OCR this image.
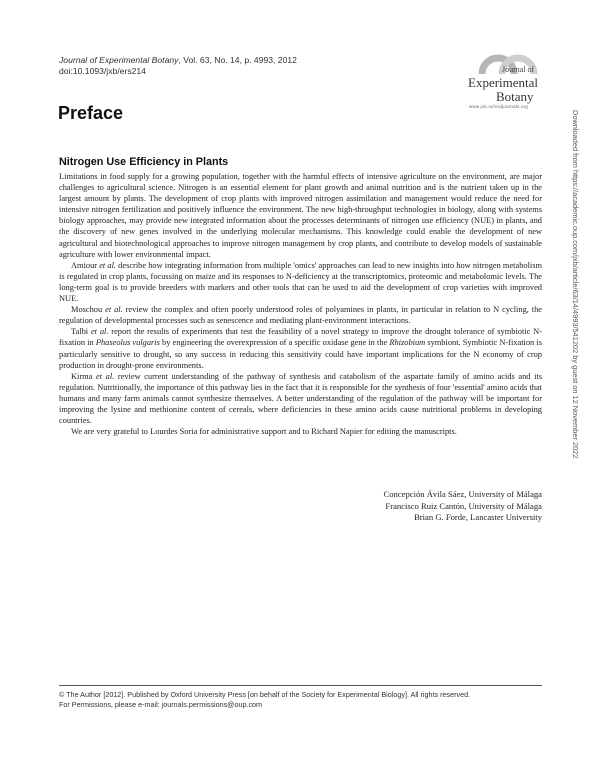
Journal of Experimental Botany, Vol. 63, No. 14, p. 4993, 2012
doi:10.1093/jxb/ers214	Journal of
Experimental
Botany
www.jxb.oxfordjournals.org
Preface
Nitrogen Use Efficiency in Plants

Limitations in food supply for a growing population, together with the harmful effects of intensive agriculture on the environment, are major challenges to agricultural science. Nitrogen is an essential element for plant growth and animal nutrition and is the nutrient taken up in the largest amount by plants. The development of crop plants with improved nitrogen assimilation and management would reduce the need for intensive nitrogen fertilization and positively influence the environment. The new high-throughput technologies in biology, along with systems biology approaches, may provide new integrated information about the processes determinants of nitrogen use efficiency (NUE) in plants, and the discovery of new genes involved in the underlying molecular mechanisms. This knowledge could enable the development of new agricultural and biotechnological approaches to improve nitrogen management by crop plants, and contribute to develop models of sustainable agriculture with lower environmental impact.

Amiour et al. describe how integrating information from multiple 'omics' approaches can lead to new insights into how nitrogen metabolism is regulated in crop plants, focussing on maize and its responses to N-deficiency at the transcriptomics, proteomic and metabolomic levels. The long-term goal is to provide breeders with markers and other tools that can be used to aid the development of crop varieties with improved NUE.

Moschou et al. review the complex and often poorly understood roles of polyamines in plants, in particular in relation to N cycling, the regulation of developmental processes such as senescence and mediating plant-environment interactions.

Talbi et al. report the results of experiments that test the feasibility of a novel strategy to improve the drought tolerance of symbiotic N-fixation in Phaseolus vulgaris by engineering the overexpression of a specific oxidase gene in the Rhizobium symbiont. Symbiotic N-fixation is particularly sensitive to drought, so any success in reducing this sensitivity could have important implications for the N economy of crop production in drought-prone environments.

Kirma et al. review current understanding of the pathway of synthesis and catabolism of the aspartate family of amino acids and its regulation. Nutritionally, the importance of this pathway lies in the fact that it is responsible for the synthesis of four 'essential' amino acids that humans and many farm animals cannot synthesize themselves. A better understanding of the regulation of the pathway will be important for improving the lysine and methionine content of cereals, where deficiencies in these amino acids cause nutritional problems in developing countries.

We are very grateful to Lourdes Soria for administrative support and to Richard Napier for editing the manuscripts.

Concepción Ávila Sáez, University of Málaga
Francisco Ruiz Cantón, University of Málaga
Brian G. Forde, Lancaster University
Downloaded from https://academic.oup.com/jxb/article/63/14/4993/541202 by guest on 12 November 2022
© The Author [2012]. Published by Oxford University Press [on behalf of the Society for Experimental Biology]. All rights reserved.
For Permissions, please e-mail: journals.permissions@oup.com
